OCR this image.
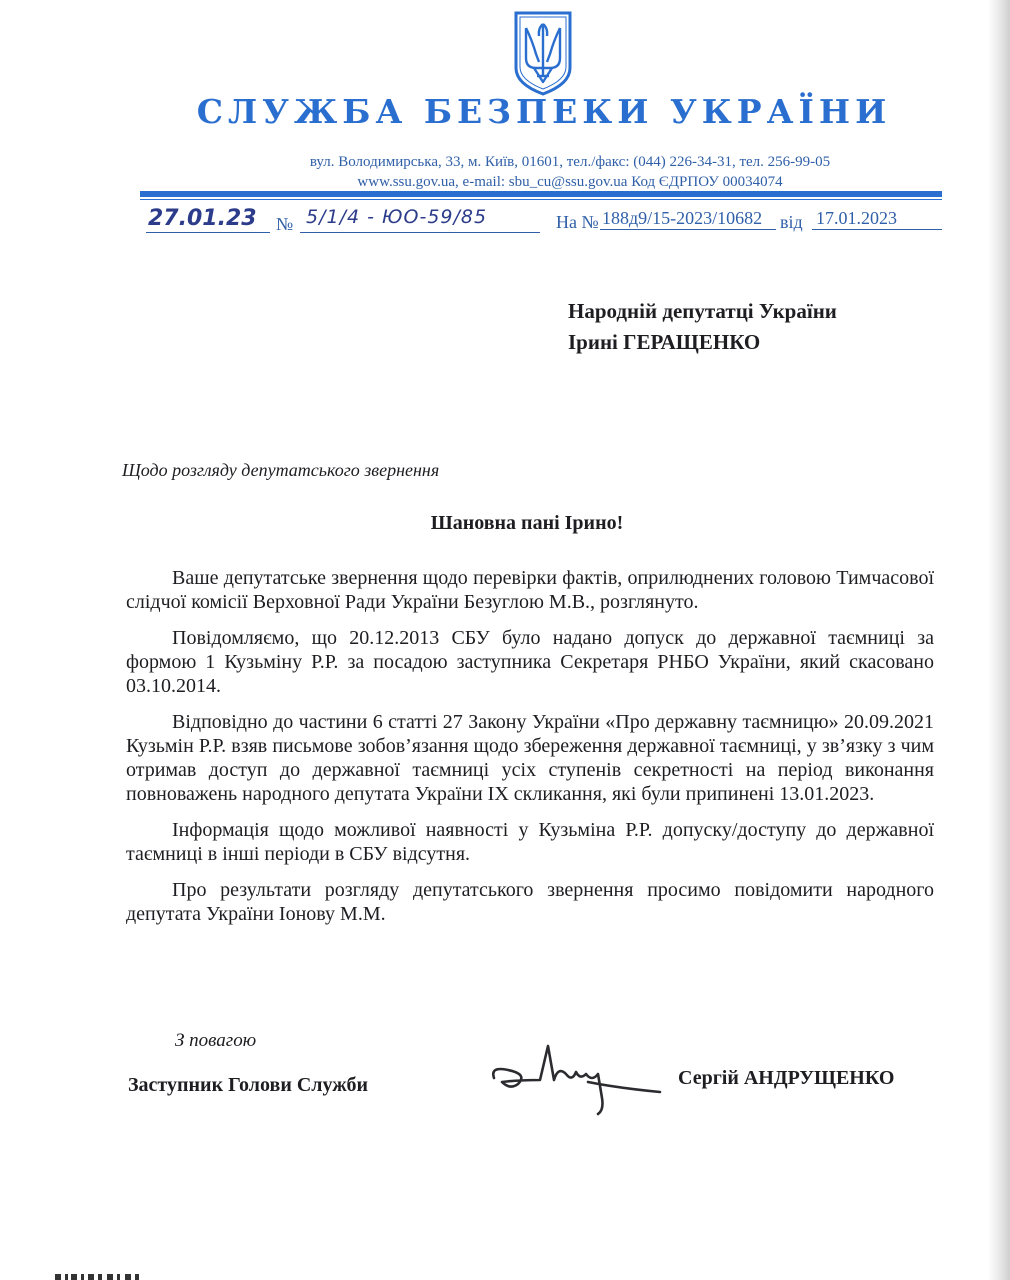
СЛУЖБА БЕЗПЕКИ УКРАЇНИ
вул. Володимирська, 33, м. Київ, 01601, тел./факс: (044) 226-34-31, тел. 256-99-05
www.ssu.gov.ua, e-mail: sbu_cu@ssu.gov.ua Код ЄДРПОУ 00034074
27.01.23 № 5/1/4 - ЮО-59/85	На № 188д9/15-2023/10682 від 17.01.2023
Народній депутатці України
Ірині ГЕРАЩЕНКО
Щодо розгляду депутатського звернення
Шановна пані Ірино!

Ваше депутатське звернення щодо перевірки фактів, оприлюднених головою Тимчасової слідчої комісії Верховної Ради України Безуглою М.В., розглянуто.

Повідомляємо, що 20.12.2013 СБУ було надано допуск до державної таємниці за формою 1 Кузьміну Р.Р. за посадою заступника Секретаря РНБО України, який скасовано 03.10.2014.

Відповідно до частини 6 статті 27 Закону України «Про державну таємницю» 20.09.2021 Кузьмін Р.Р. взяв письмове зобов’язання щодо збереження державної таємниці, у зв’язку з чим отримав доступ до державної таємниці усіх ступенів секретності на період виконання повноважень народного депутата України IX скликання, які були припинені 13.01.2023.

Інформація щодо можливої наявності у Кузьміна Р.Р. допуску/доступу до державної таємниці в інші періоди в СБУ відсутня.

Про результати розгляду депутатського звернення просимо повідомити народного депутата України Іонову М.М.

З повагою
Заступник Голови Служби	Сергій АНДРУЩЕНКО
